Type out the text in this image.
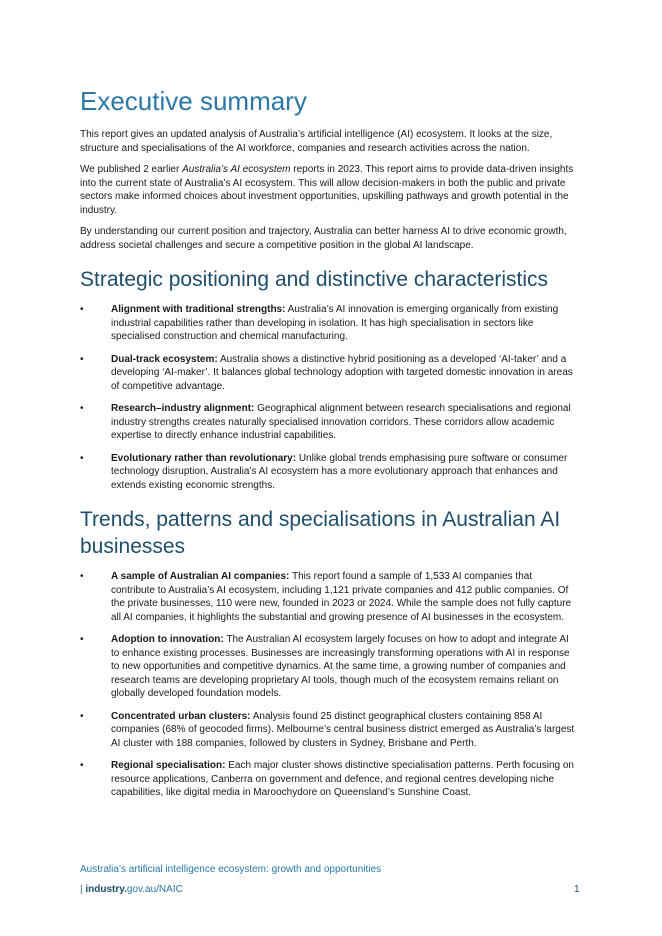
Executive summary

This report gives an updated analysis of Australia’s artificial intelligence (AI) ecosystem. It looks at the size, structure and specialisations of the AI workforce, companies and research activities across the nation.

We published 2 earlier Australia’s AI ecosystem reports in 2023. This report aims to provide data-driven insights into the current state of Australia’s AI ecosystem. This will allow decision-makers in both the public and private sectors make informed choices about investment opportunities, upskilling pathways and growth potential in the industry.

By understanding our current position and trajectory, Australia can better harness AI to drive economic growth, address societal challenges and secure a competitive position in the global AI landscape.

Strategic positioning and distinctive characteristics
•	Alignment with traditional strengths: Australia’s AI innovation is emerging organically from existing industrial capabilities rather than developing in isolation. It has high specialisation in sectors like specialised construction and chemical manufacturing.
•	Dual-track ecosystem: Australia shows a distinctive hybrid positioning as a developed ‘AI-taker’ and a developing ‘AI-maker’. It balances global technology adoption with targeted domestic innovation in areas of competitive advantage.
•	Research–industry alignment: Geographical alignment between research specialisations and regional industry strengths creates naturally specialised innovation corridors. These corridors allow academic expertise to directly enhance industrial capabilities.
•	Evolutionary rather than revolutionary: Unlike global trends emphasising pure software or consumer technology disruption, Australia’s AI ecosystem has a more evolutionary approach that enhances and extends existing economic strengths.
Trends, patterns and specialisations in Australian AI businesses
•	A sample of Australian AI companies: This report found a sample of 1,533 AI companies that contribute to Australia’s AI ecosystem, including 1,121 private companies and 412 public companies. Of the private businesses, 110 were new, founded in 2023 or 2024. While the sample does not fully capture all AI companies, it highlights the substantial and growing presence of AI businesses in the ecosystem.
•	Adoption to innovation: The Australian AI ecosystem largely focuses on how to adopt and integrate AI to enhance existing processes. Businesses are increasingly transforming operations with AI in response to new opportunities and competitive dynamics. At the same time, a growing number of companies and research teams are developing proprietary AI tools, though much of the ecosystem remains reliant on globally developed foundation models.
•	Concentrated urban clusters: Analysis found 25 distinct geographical clusters containing 858 AI companies (68% of geocoded firms). Melbourne’s central business district emerged as Australia’s largest AI cluster with 188 companies, followed by clusters in Sydney, Brisbane and Perth.
•	Regional specialisation: Each major cluster shows distinctive specialisation patterns. Perth focusing on resource applications, Canberra on government and defence, and regional centres developing niche capabilities, like digital media in Maroochydore on Queensland’s Sunshine Coast.
Australia’s artificial intelligence ecosystem: growth and opportunities
| industry.gov.au/NAIC	1
